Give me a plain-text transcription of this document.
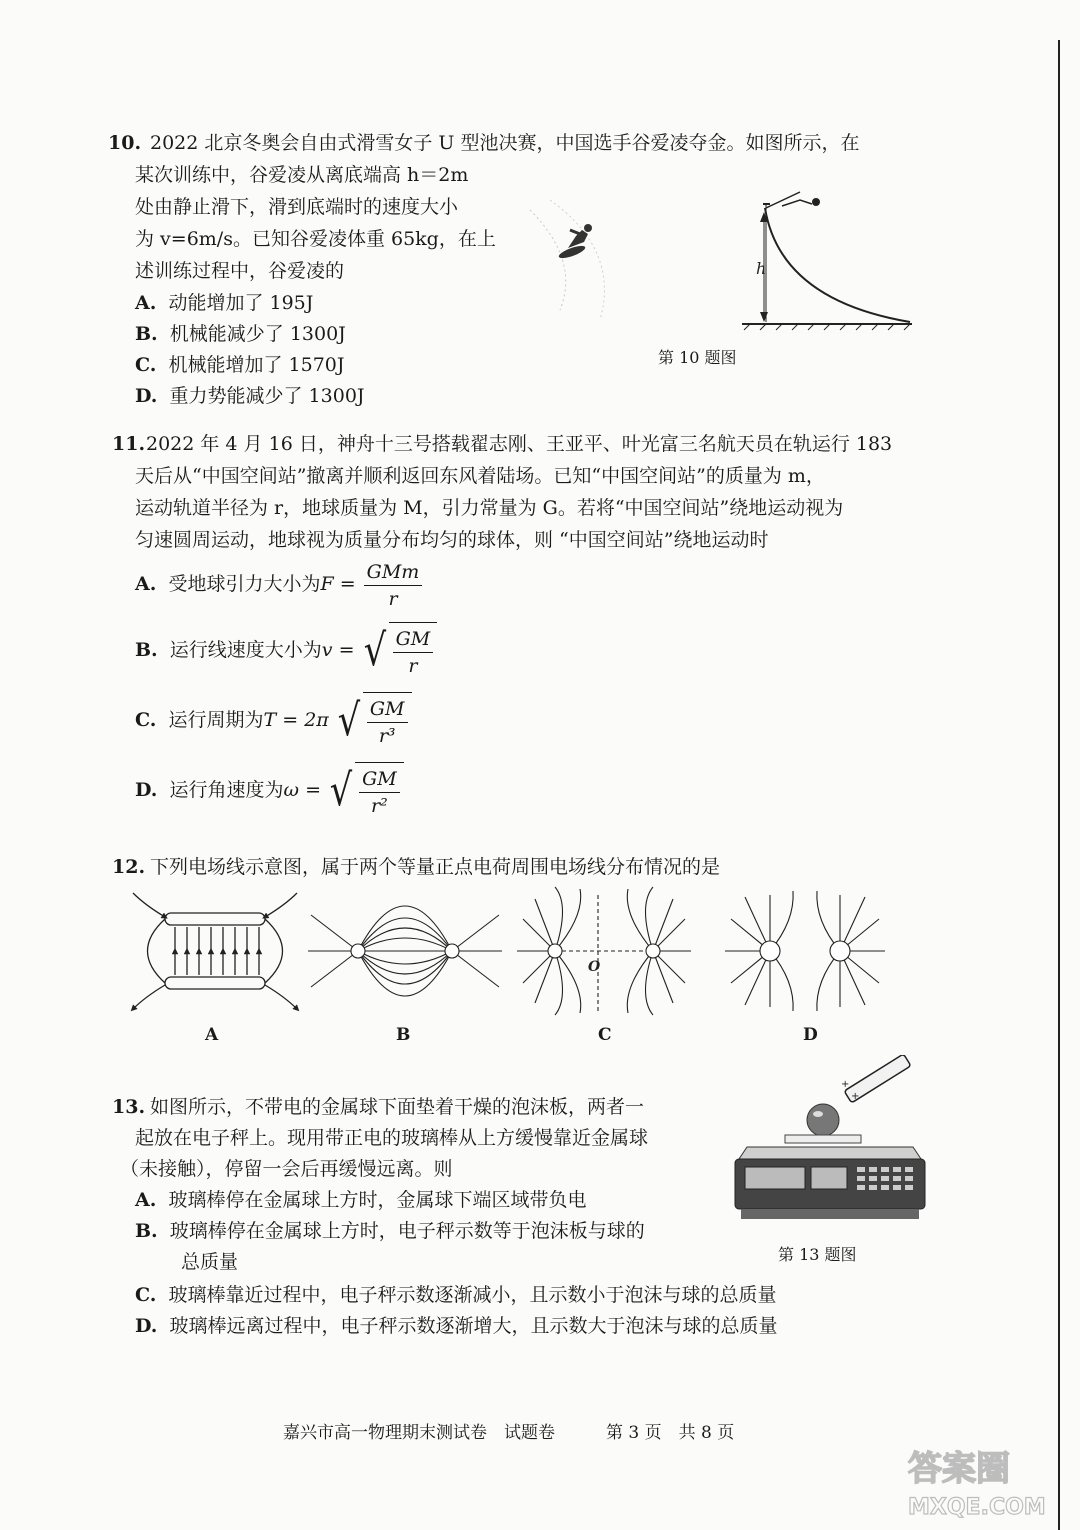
10. 2022 北京冬奥会自由式滑雪女子 U 型池决赛，中国选手谷爱凌夺金。如图所示，在
某次训练中，谷爱凌从离底端高 h＝2m
处由静止滑下，滑到底端时的速度大小
为 v=6m/s。已知谷爱凌体重 65kg，在上
述训练过程中，谷爱凌的
A. 动能增加了 195J
B. 机械能减少了 1300J
C. 机械能增加了 1570J
D. 重力势能减少了 1300J
h
第 10 题图
11. 2022 年 4 月 16 日，神舟十三号搭载翟志刚、王亚平、叶光富三名航天员在轨运行 183
天后从“中国空间站”撤离并顺利返回东风着陆场。已知“中国空间站”的质量为 m，
运动轨道半径为 r，地球质量为 M，引力常量为 G。若将“中国空间站”绕地运动视为
匀速圆周运动，地球视为质量分布均匀的球体，则 “中国空间站”绕地运动时
A. 受地球引力大小为$F = \frac{\text{GMm}}{r}$
B. 运行线速度大小为v = √ $\frac{GM}{r}$
C. 运行周期为T = 2π √ $\frac{GM}{\text{r³}}$
D. 运行角速度为ω = √ $\frac{GM}{\text{r²}}$
12. 下列电场线示意图，属于两个等量正点电荷周围电场线分布情况的是
O
A	B	C	D
13. 如图所示，不带电的金属球下面垫着干燥的泡沫板，两者一
起放在电子秤上。现用带正电的玻璃棒从上方缓慢靠近金属球
（未接触），停留一会后再缓慢远离。则
A. 玻璃棒停在金属球上方时，金属球下端区域带负电
B. 玻璃棒停在金属球上方时，电子秤示数等于泡沫板与球的
总质量
C. 玻璃棒靠近过程中，电子秤示数逐渐减小，且示数小于泡沫与球的总质量
D. 玻璃棒远离过程中，电子秤示数逐渐增大，且示数大于泡沫与球的总质量
+
+
第 13 题图
嘉兴市高一物理期末测试卷　试题卷　　　第 3 页　共 8 页
答案圈
MXQE.COM
